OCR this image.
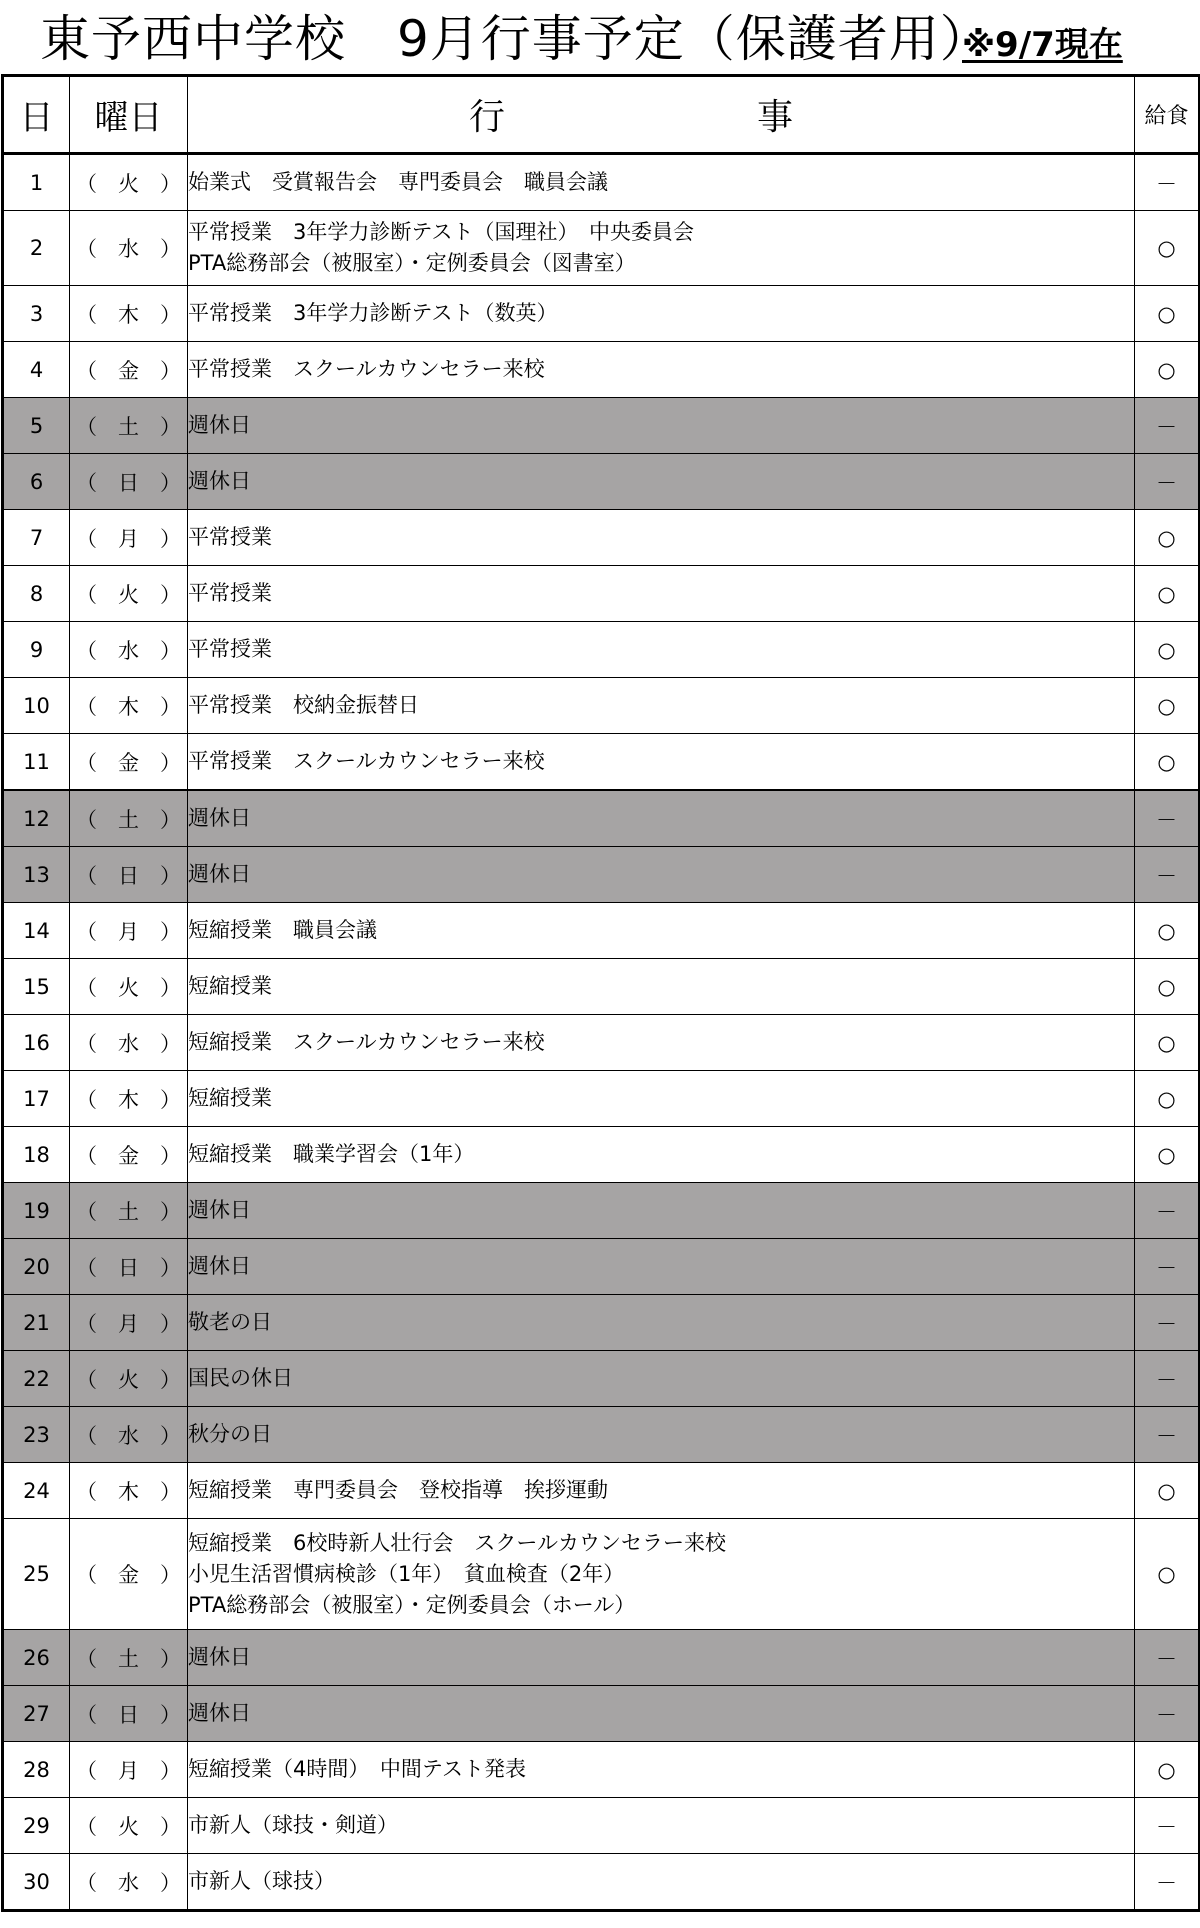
東予西中学校　9月行事予定（保護者用）
※9/7現在
日	曜日	行　　事	給食
1	（　火　）	始業式　受賞報告会　専門委員会　職員会議	－
2	（　水　）	平常授業　3年学力診断テスト（国理社）　中央委員会
PTA総務部会（被服室）・定例委員会（図書室）	○
3	（　木　）	平常授業　3年学力診断テスト（数英）	○
4	（　金　）	平常授業　スクールカウンセラー来校	○
5	（　土　）	週休日	－
6	（　日　）	週休日	－
7	（　月　）	平常授業	○
8	（　火　）	平常授業	○
9	（　水　）	平常授業	○
10	（　木　）	平常授業　校納金振替日	○
11	（　金　）	平常授業　スクールカウンセラー来校	○
12	（　土　）	週休日	－
13	（　日　）	週休日	－
14	（　月　）	短縮授業　職員会議	○
15	（　火　）	短縮授業	○
16	（　水　）	短縮授業　スクールカウンセラー来校	○
17	（　木　）	短縮授業	○
18	（　金　）	短縮授業　職業学習会（1年）	○
19	（　土　）	週休日	－
20	（　日　）	週休日	－
21	（　月　）	敬老の日	－
22	（　火　）	国民の休日	－
23	（　水　）	秋分の日	－
24	（　木　）	短縮授業　専門委員会　登校指導　挨拶運動	○
25	（　金　）	短縮授業　6校時新人壮行会　スクールカウンセラー来校
小児生活習慣病検診（1年）　貧血検査（2年）
PTA総務部会（被服室）・定例委員会（ホール）	○
26	（　土　）	週休日	－
27	（　日　）	週休日	－
28	（　月　）	短縮授業（4時間）　中間テスト発表	○
29	（　火　）	市新人（球技・剣道）	－
30	（　水　）	市新人（球技）	－
